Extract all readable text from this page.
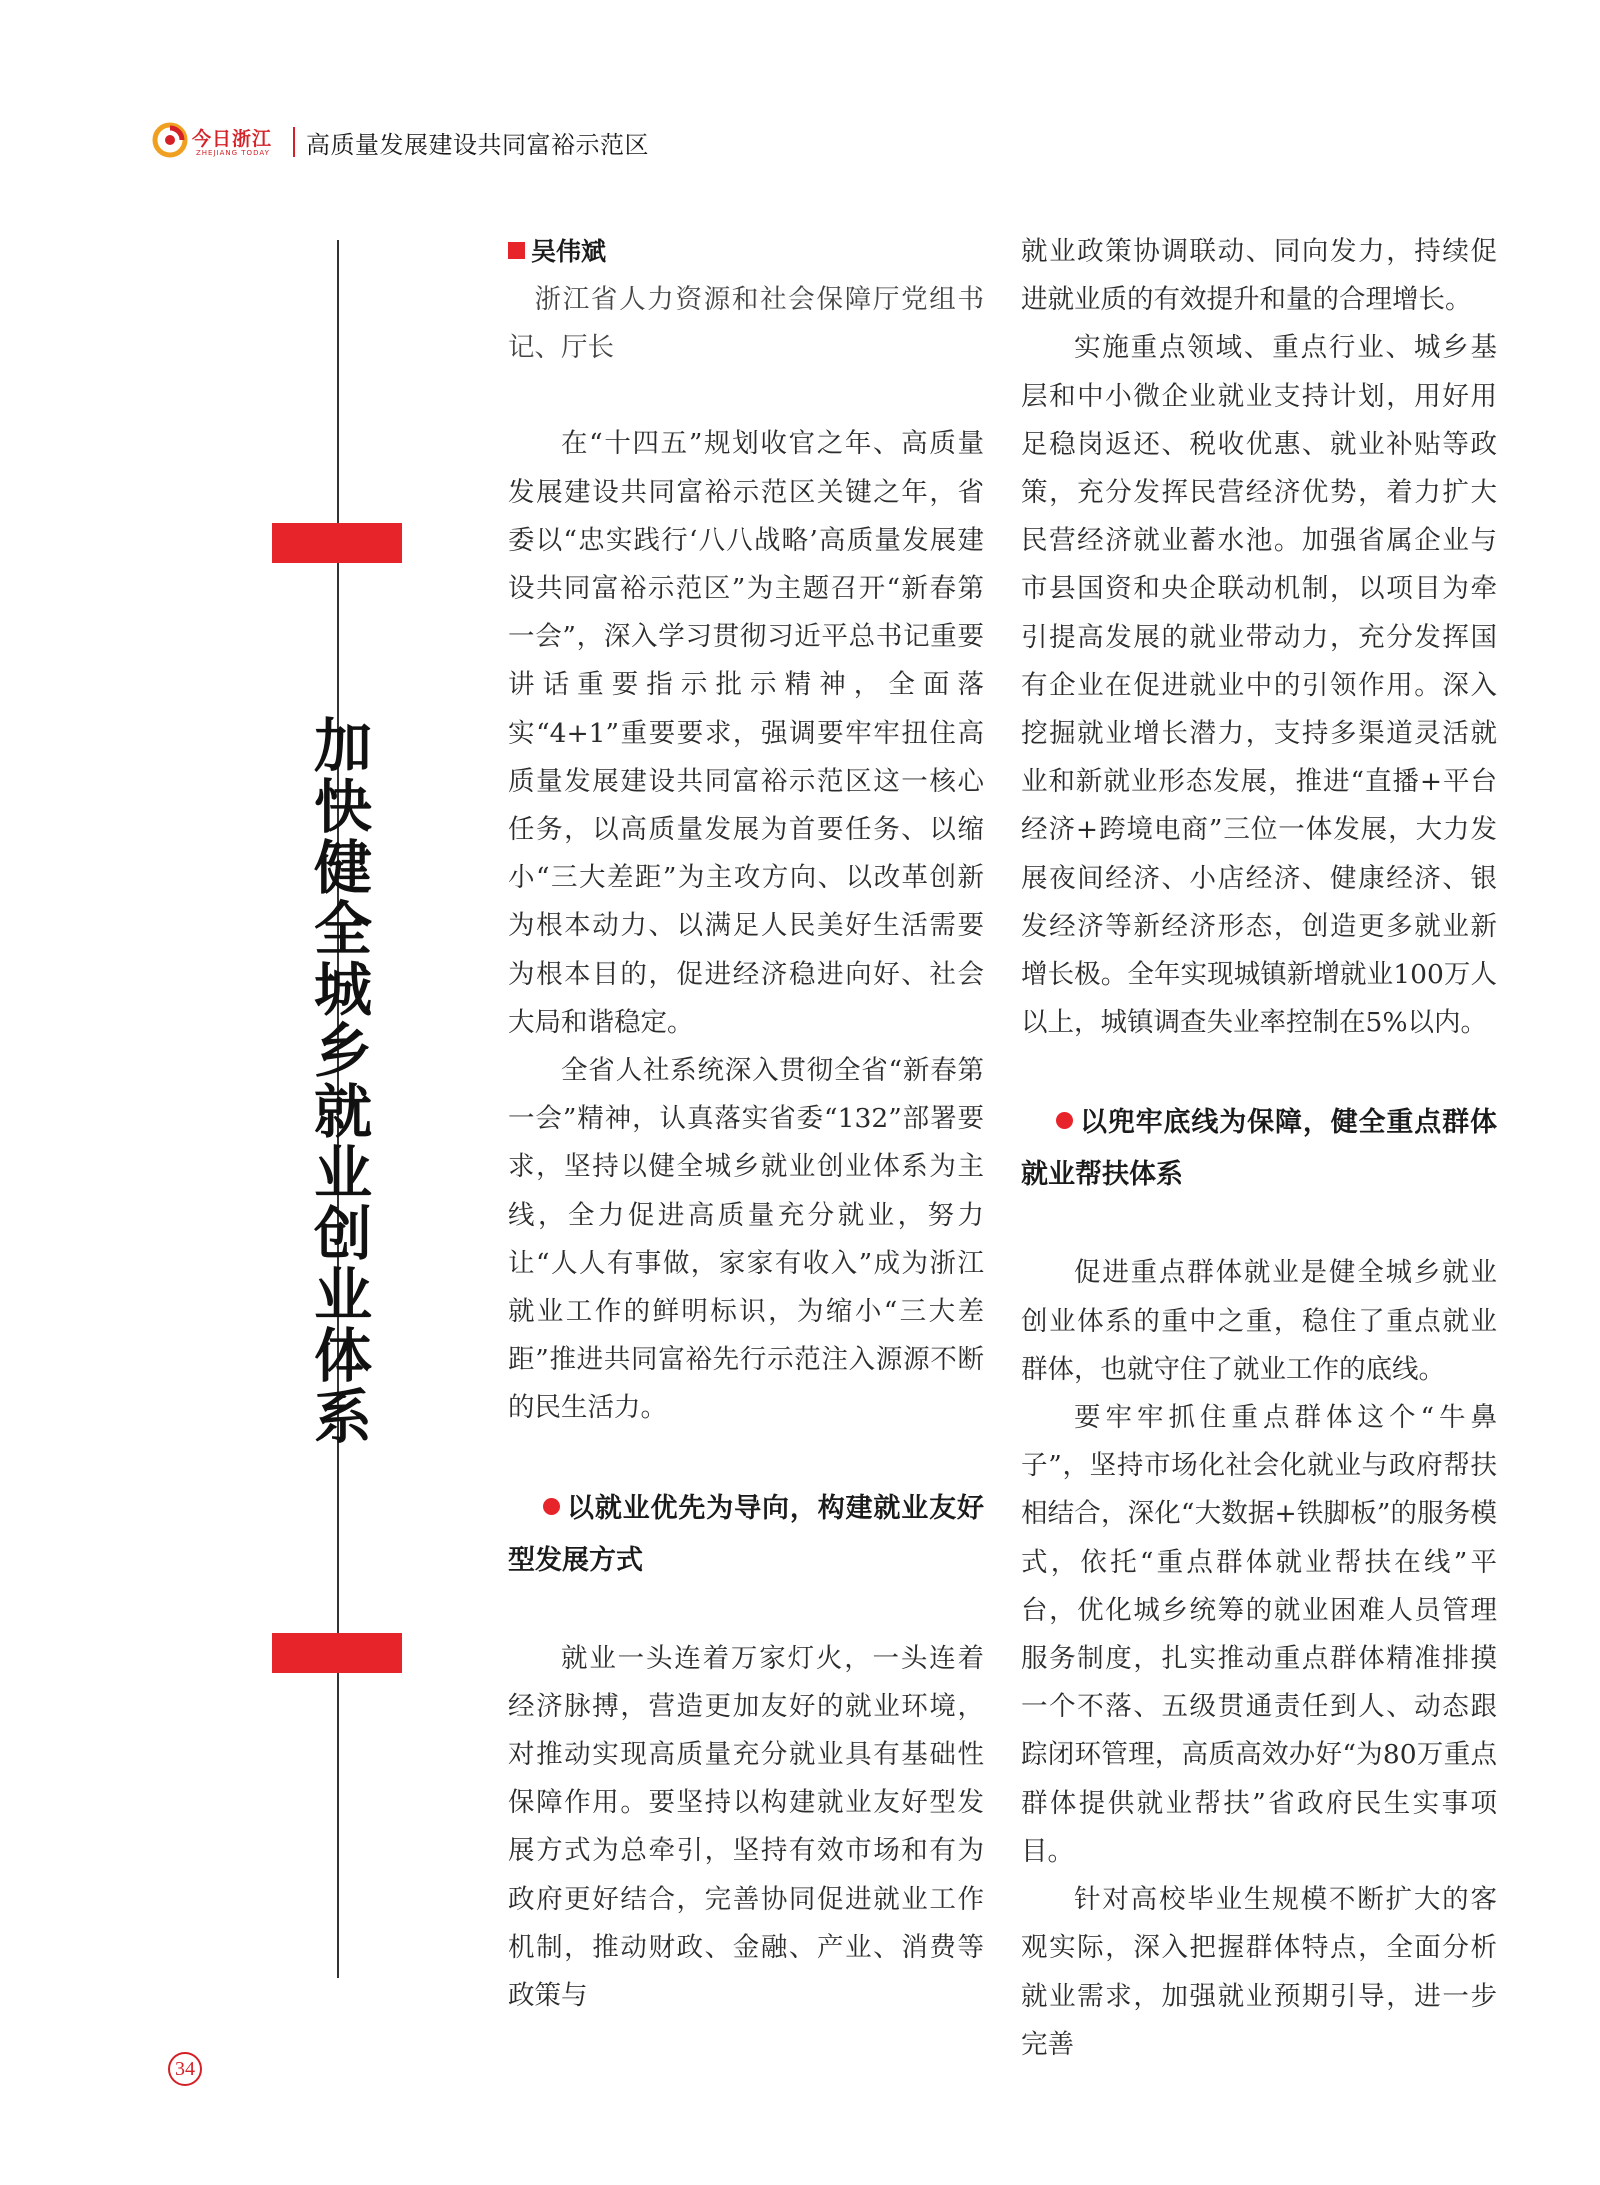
今日浙江
ZHEJIANG TODAY 高质量发展建设共同富裕示范区
加快健全城乡就业创业体系
吴伟斌

浙江省人力资源和社会保障厅党组书记、厅长

在“十四五”规划收官之年、高质量发展建设共同富裕示范区关键之年，省委以“忠实践行‘八八战略’高质量发展建设共同富裕示范区”为主题召开“新春第一会”，深入学习贯彻习近平总书记重要讲话重要指示批示精神，全面落实“4+1”重要要求，强调要牢牢扭住高质量发展建设共同富裕示范区这一核心任务，以高质量发展为首要任务、以缩小“三大差距”为主攻方向、以改革创新为根本动力、以满足人民美好生活需要为根本目的，促进经济稳进向好、社会大局和谐稳定。

全省人社系统深入贯彻全省“新春第一会”精神，认真落实省委“132”部署要求，坚持以健全城乡就业创业体系为主线，全力促进高质量充分就业，努力让“人人有事做，家家有收入”成为浙江就业工作的鲜明标识，为缩小“三大差距”推进共同富裕先行示范注入源源不断的民生活力。

以就业优先为导向，构建就业友好型发展方式

就业一头连着万家灯火，一头连着经济脉搏，营造更加友好的就业环境，对推动实现高质量充分就业具有基础性保障作用。要坚持以构建就业友好型发展方式为总牵引，坚持有效市场和有为政府更好结合，完善协同促进就业工作机制，推动财政、金融、产业、消费等政策与

就业政策协调联动、同向发力，持续促进就业质的有效提升和量的合理增长。

实施重点领域、重点行业、城乡基层和中小微企业就业支持计划，用好用足稳岗返还、税收优惠、就业补贴等政策，充分发挥民营经济优势，着力扩大民营经济就业蓄水池。加强省属企业与市县国资和央企联动机制，以项目为牵引提高发展的就业带动力，充分发挥国有企业在促进就业中的引领作用。深入挖掘就业增长潜力，支持多渠道灵活就业和新就业形态发展，推进“直播+平台经济+跨境电商”三位一体发展，大力发展夜间经济、小店经济、健康经济、银发经济等新经济形态，创造更多就业新增长极。全年实现城镇新增就业100万人以上，城镇调查失业率控制在5%以内。

以兜牢底线为保障，健全重点群体就业帮扶体系

促进重点群体就业是健全城乡就业创业体系的重中之重，稳住了重点就业群体，也就守住了就业工作的底线。

要牢牢抓住重点群体这个“牛鼻子”，坚持市场化社会化就业与政府帮扶相结合，深化“大数据+铁脚板”的服务模式，依托“重点群体就业帮扶在线”平台，优化城乡统筹的就业困难人员管理服务制度，扎实推动重点群体精准排摸一个不落、五级贯通责任到人、动态跟踪闭环管理，高质高效办好“为80万重点群体提供就业帮扶”省政府民生实事项目。

针对高校毕业生规模不断扩大的客观实际，深入把握群体特点，全面分析就业需求，加强就业预期引导，进一步完善

34
